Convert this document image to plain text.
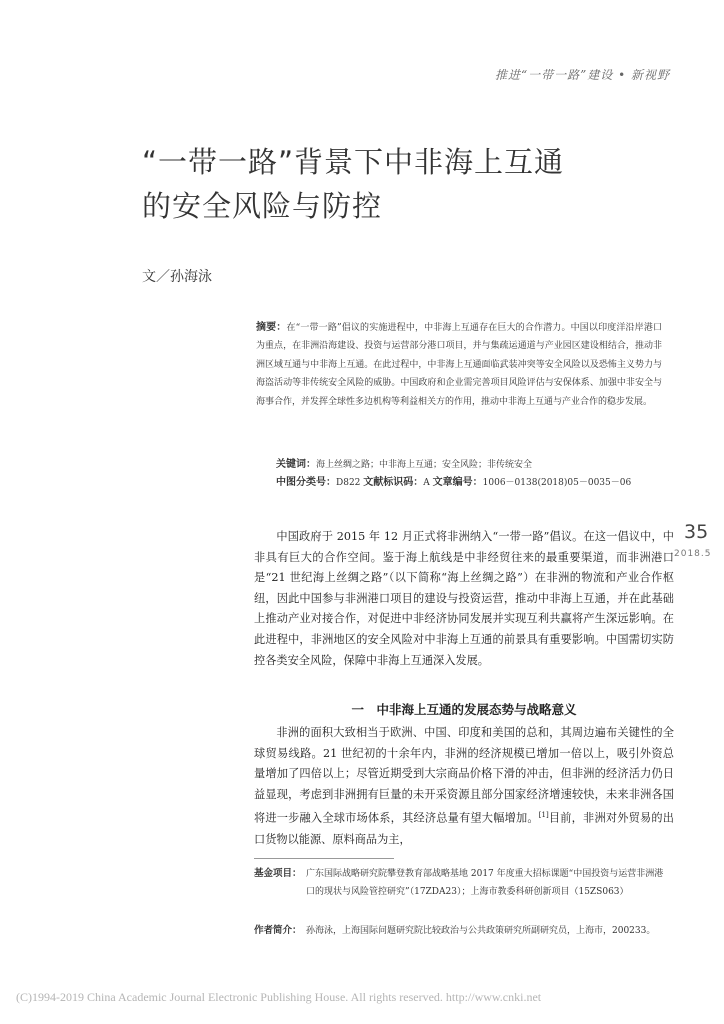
推进“一带一路”建设 • 新视野
“一带一路”背景下中非海上互通
的安全风险与防控
文／孙海泳
摘要：在“一带一路”倡议的实施进程中，中非海上互通存在巨大的合作潜力。中国以印度洋沿岸港口为重点，在非洲沿海建设、投资与运营部分港口项目，并与集疏运通道与产业园区建设相结合，推动非洲区域互通与中非海上互通。在此过程中，中非海上互通面临武装冲突等安全风险以及恐怖主义势力与海盗活动等非传统安全风险的威胁。中国政府和企业需完善项目风险评估与安保体系、加强中非安全与海事合作，并发挥全球性多边机构等利益相关方的作用，推动中非海上互通与产业合作的稳步发展。
关键词：海上丝绸之路；中非海上互通；安全风险；非传统安全
中图分类号：D822 文献标识码：A 文章编号：1006－0138(2018)05－0035－06
35
2018.5
中国政府于 2015 年 12 月正式将非洲纳入“一带一路”倡议。在这一倡议中，中非具有巨大的合作空间。鉴于海上航线是中非经贸往来的最重要渠道，而非洲港口是“21 世纪海上丝绸之路”（以下简称“海上丝绸之路”）在非洲的物流和产业合作枢纽，因此中国参与非洲港口项目的建设与投资运营，推动中非海上互通，并在此基础上推动产业对接合作，对促进中非经济协同发展并实现互利共赢将产生深远影响。在此进程中，非洲地区的安全风险对中非海上互通的前景具有重要影响。中国需切实防控各类安全风险，保障中非海上互通深入发展。
一　中非海上互通的发展态势与战略意义
非洲的面积大致相当于欧洲、中国、印度和美国的总和，其周边遍布关键性的全球贸易线路。21 世纪初的十余年内，非洲的经济规模已增加一倍以上，吸引外资总量增加了四倍以上；尽管近期受到大宗商品价格下滑的冲击，但非洲的经济活力仍日益显现，考虑到非洲拥有巨量的未开采资源且部分国家经济增速较快，未来非洲各国将进一步融入全球市场体系，其经济总量有望大幅增加。[1]目前，非洲对外贸易的出口货物以能源、原料商品为主，
基金项目： 广东国际战略研究院攀登教育部战略基地 2017 年度重大招标课题“中国投资与运营非洲港口的现状与风险管控研究”（17ZDA23）；上海市教委科研创新项目（15ZS063）
作者简介： 孙海泳，上海国际问题研究院比较政治与公共政策研究所副研究员，上海市，200233。
(C)1994-2019 China Academic Journal Electronic Publishing House. All rights reserved. http://www.cnki.net
